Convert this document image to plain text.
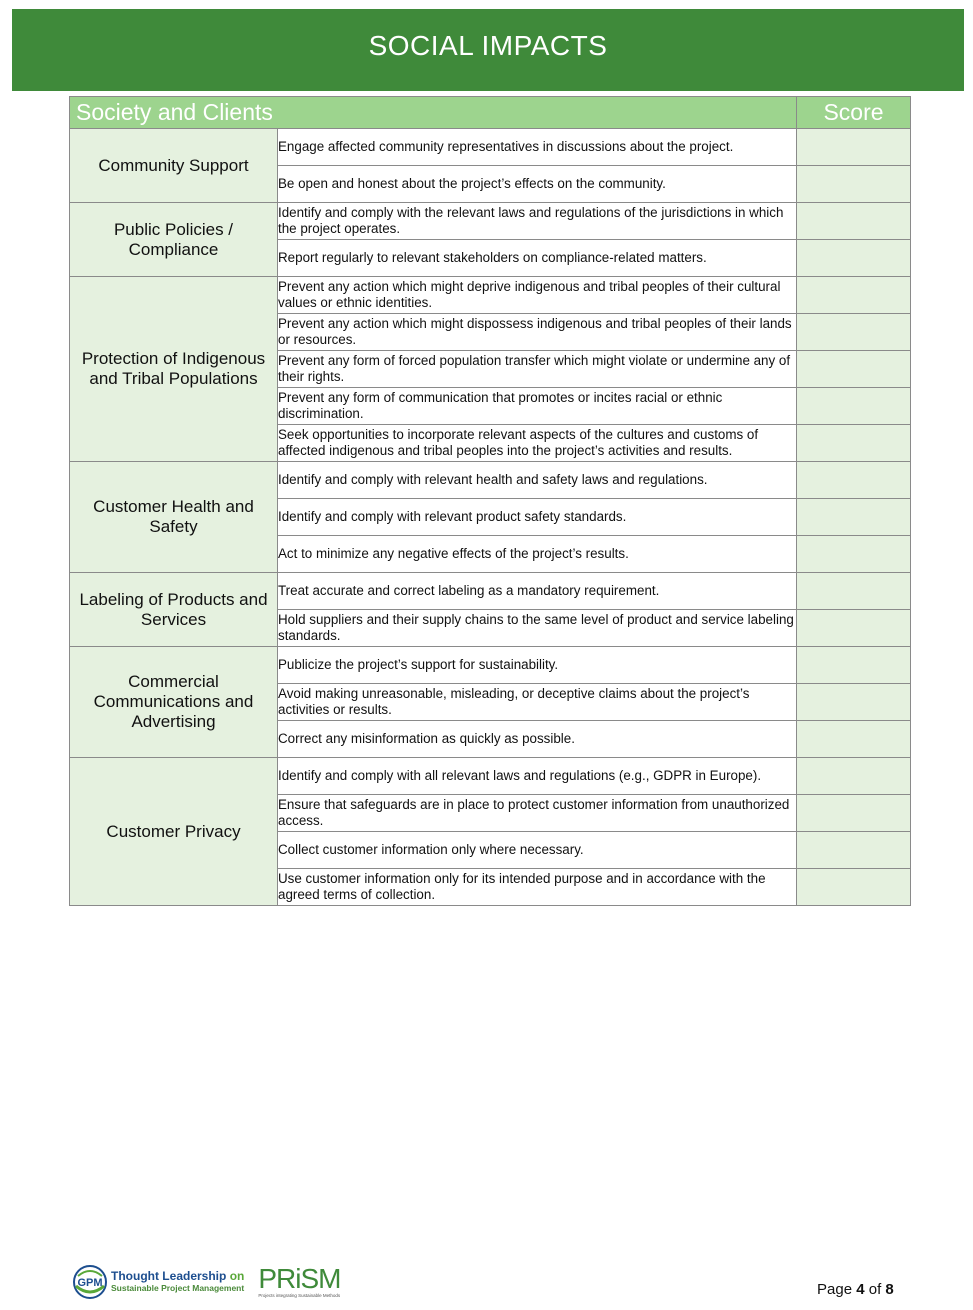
SOCIAL IMPACTS
Society and Clients		Score
Community Support	Engage affected community representatives in discussions about the project.	
	Be open and honest about the project’s effects on the community.	
Public Policies / Compliance	Identify and comply with the relevant laws and regulations of the jurisdictions in which the project operates.	
	Report regularly to relevant stakeholders on compliance-related matters.	
Protection of Indigenous and Tribal Populations	Prevent any action which might deprive indigenous and tribal peoples of their cultural values or ethnic identities.	
	Prevent any action which might dispossess indigenous and tribal peoples of their lands or resources.	
	Prevent any form of forced population transfer which might violate or undermine any of their rights.	
	Prevent any form of communication that promotes or incites racial or ethnic discrimination.	
	Seek opportunities to incorporate relevant aspects of the cultures and customs of affected indigenous and tribal peoples into the project’s activities and results.	
Customer Health and Safety	Identify and comply with relevant health and safety laws and regulations.	
	Identify and comply with relevant product safety standards.	
	Act to minimize any negative effects of the project’s results.	
Labeling of Products and Services	Treat accurate and correct labeling as a mandatory requirement.	
	Hold suppliers and their supply chains to the same level of product and service labeling standards.	
Commercial Communications and Advertising	Publicize the project’s support for sustainability.	
	Avoid making unreasonable, misleading, or deceptive claims about the project’s activities or results.	
	Correct any misinformation as quickly as possible.	
Customer Privacy	Identify and comply with all relevant laws and regulations (e.g., GDPR in Europe).	
	Ensure that safeguards are in place to protect customer information from unauthorized access.	
	Collect customer information only where necessary.	
	Use customer information only for its intended purpose and in accordance with the agreed terms of collection.	
GPM Thought Leadership on
Sustainable Project Management PRiSM
Projects integrating Sustainable Methods	Page 4 of 8
